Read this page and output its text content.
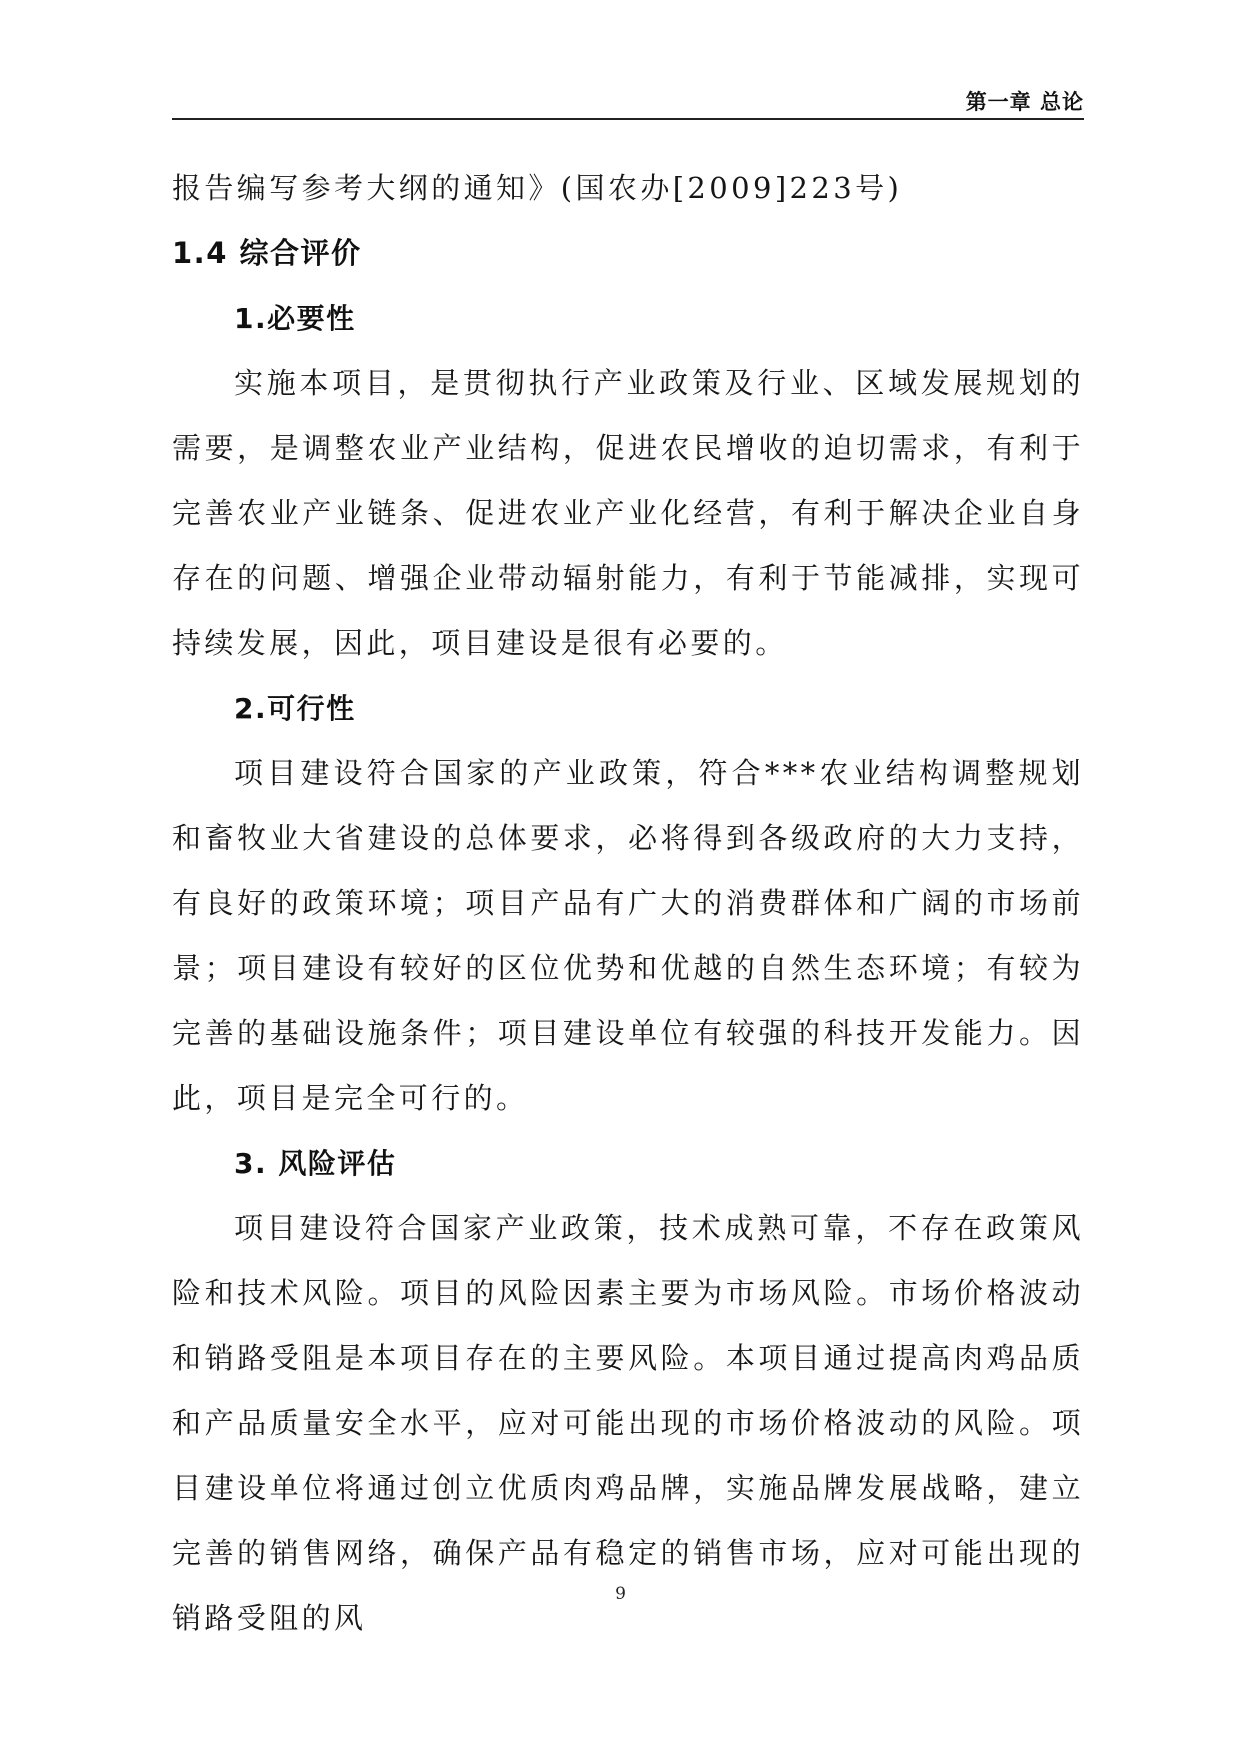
第一章 总论

报告编写参考大纲的通知》(国农办[2009]223号)

1.4 综合评价
1.必要性

实施本项目，是贯彻执行产业政策及行业、区域发展规划的需要，是调整农业产业结构，促进农民增收的迫切需求，有利于完善农业产业链条、促进农业产业化经营，有利于解决企业自身存在的问题、增强企业带动辐射能力，有利于节能减排，实现可持续发展，因此，项目建设是很有必要的。

2.可行性

项目建设符合国家的产业政策，符合***农业结构调整规划和畜牧业大省建设的总体要求，必将得到各级政府的大力支持，有良好的政策环境；项目产品有广大的消费群体和广阔的市场前景；项目建设有较好的区位优势和优越的自然生态环境；有较为完善的基础设施条件；项目建设单位有较强的科技开发能力。因此，项目是完全可行的。

3. 风险评估

项目建设符合国家产业政策，技术成熟可靠，不存在政策风险和技术风险。项目的风险因素主要为市场风险。市场价格波动和销路受阻是本项目存在的主要风险。本项目通过提高肉鸡品质和产品质量安全水平，应对可能出现的市场价格波动的风险。项目建设单位将通过创立优质肉鸡品牌，实施品牌发展战略，建立完善的销售网络，确保产品有稳定的销售市场，应对可能出现的销路受阻的风

9
